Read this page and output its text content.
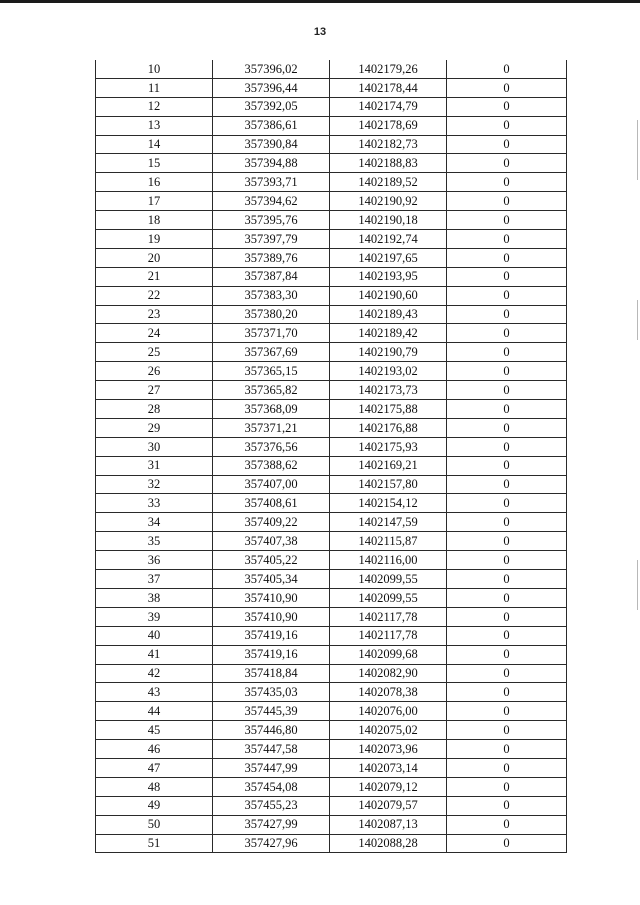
13
10	357396,02	1402179,26	0
11	357396,44	1402178,44	0
12	357392,05	1402174,79	0
13	357386,61	1402178,69	0
14	357390,84	1402182,73	0
15	357394,88	1402188,83	0
16	357393,71	1402189,52	0
17	357394,62	1402190,92	0
18	357395,76	1402190,18	0
19	357397,79	1402192,74	0
20	357389,76	1402197,65	0
21	357387,84	1402193,95	0
22	357383,30	1402190,60	0
23	357380,20	1402189,43	0
24	357371,70	1402189,42	0
25	357367,69	1402190,79	0
26	357365,15	1402193,02	0
27	357365,82	1402173,73	0
28	357368,09	1402175,88	0
29	357371,21	1402176,88	0
30	357376,56	1402175,93	0
31	357388,62	1402169,21	0
32	357407,00	1402157,80	0
33	357408,61	1402154,12	0
34	357409,22	1402147,59	0
35	357407,38	1402115,87	0
36	357405,22	1402116,00	0
37	357405,34	1402099,55	0
38	357410,90	1402099,55	0
39	357410,90	1402117,78	0
40	357419,16	1402117,78	0
41	357419,16	1402099,68	0
42	357418,84	1402082,90	0
43	357435,03	1402078,38	0
44	357445,39	1402076,00	0
45	357446,80	1402075,02	0
46	357447,58	1402073,96	0
47	357447,99	1402073,14	0
48	357454,08	1402079,12	0
49	357455,23	1402079,57	0
50	357427,99	1402087,13	0
51	357427,96	1402088,28	0
